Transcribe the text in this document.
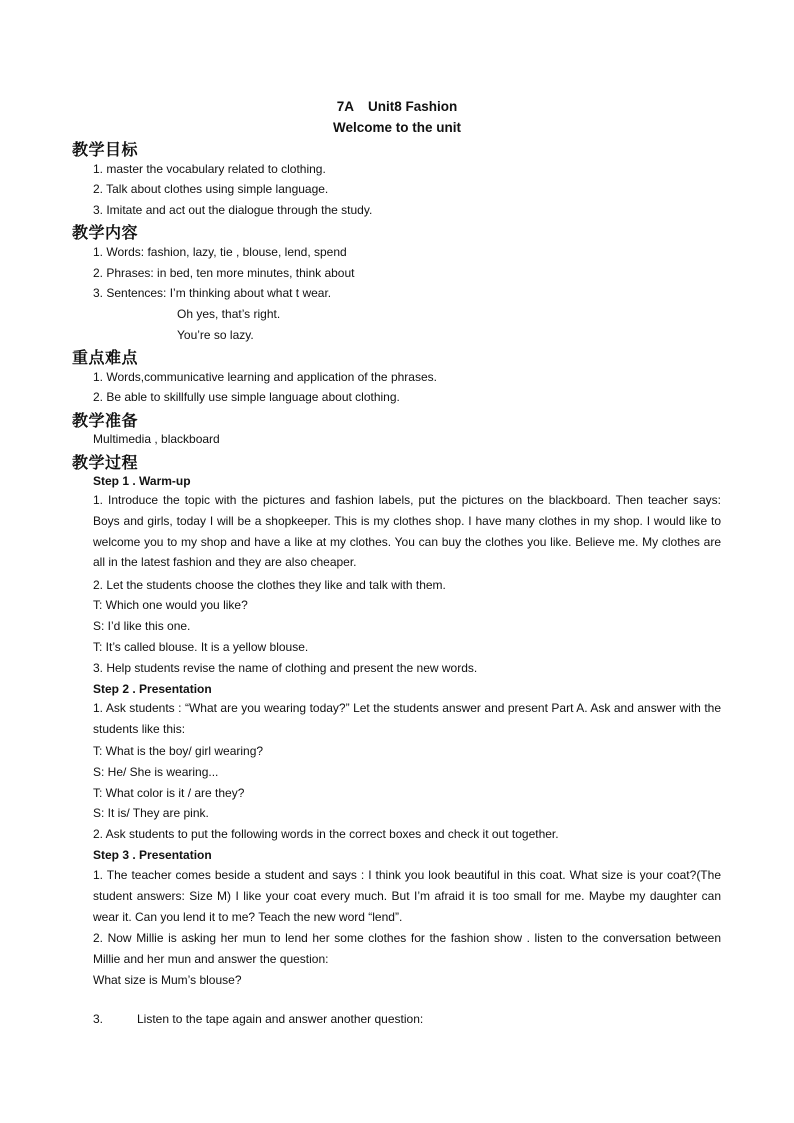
7A Unit8 Fashion
Welcome to the unit
教学目标
1. master the vocabulary related to clothing.
2. Talk about clothes using simple language.
3. Imitate and act out the dialogue through the study.
教学内容
1. Words: fashion, lazy, tie , blouse, lend, spend
2. Phrases: in bed, ten more minutes, think about
3. Sentences: I’m thinking about what t wear.
Oh yes, that’s right.
You’re so lazy.
重点难点
1. Words,communicative learning and application of the phrases.
2. Be able to skillfully use simple language about clothing.
教学准备
Multimedia , blackboard
教学过程
Step 1 . Warm-up
1. Introduce the topic with the pictures and fashion labels, put the pictures on the blackboard. Then teacher says: Boys and girls, today I will be a shopkeeper. This is my clothes shop. I have many clothes in my shop. I would like to welcome you to my shop and have a like at my clothes. You can buy the clothes you like. Believe me. My clothes are all in the latest fashion and they are also cheaper.
2. Let the students choose the clothes they like and talk with them.
T: Which one would you like?
S: I’d like this one.
T: It’s called blouse. It is a yellow blouse.
3. Help students revise the name of clothing and present the new words.
Step 2 . Presentation
1. Ask students : “What are you wearing today?” Let the students answer and present Part A. Ask and answer with the students like this:
T: What is the boy/ girl wearing?
S: He/ She is wearing...
T: What color is it / are they?
S: It is/ They are pink.
2. Ask students to put the following words in the correct boxes and check it out together.
Step 3 . Presentation
1. The teacher comes beside a student and says : I think you look beautiful in this coat. What size is your coat?(The student answers: Size M) I like your coat every much. But I’m afraid it is too small for me. Maybe my daughter can wear it. Can you lend it to me? Teach the new word “lend”.
2. Now Millie is asking her mun to lend her some clothes for the fashion show . listen to the conversation between Millie and her mun and answer the question:
What size is Mum’s blouse?
3.	Listen to the tape again and answer another question:
